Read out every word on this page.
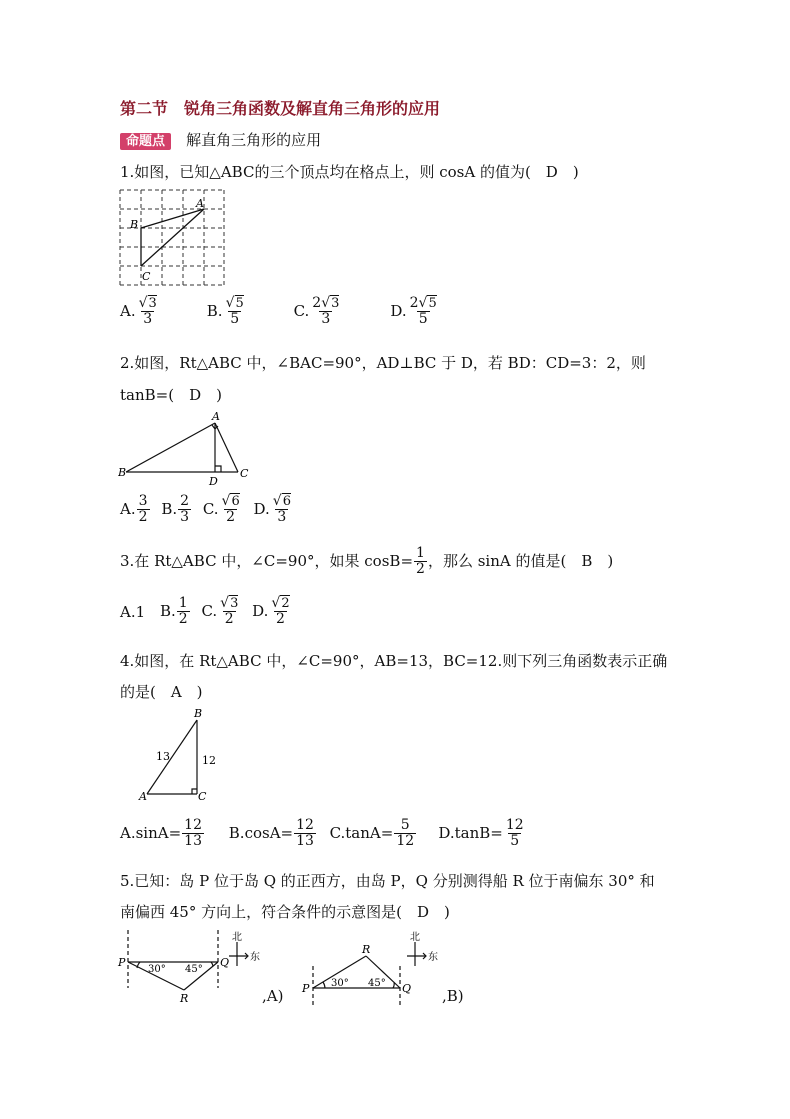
第二节　锐角三角函数及解直角三角形的应用
命题点 解直角三角形的应用
1.如图，已知△ABC的三个顶点均在格点上，则 cosA 的值为(　D　)
A
B
C
A. $\frac{√3}{3}$	B. $\frac{√5}{5}$	C. $\frac{2√3}{3}$	D. $\frac{2√5}{5}$
2.如图，Rt△ABC 中，∠BAC=90°，AD⊥BC 于 D，若 BD：CD=3：2，则
tanB=(　D　)
A
B	C
D
A. $\frac{3}{2} B$. $\frac{2}{3} C$. $\frac{√6}{2} D$. $\frac{√6}{3}$
3.在 Rt△ABC 中，∠C=90°，如果 $\cos B= \frac{1}{2}$ ，那么 sinA 的值是(　B　)
A.1 B. $\frac{1}{2} C$. $\frac{√3}{2} D$. $\frac{√2}{2}$
4.如图，在 Rt△ABC 中，∠C=90°，AB=13，BC=12.则下列三角函数表示正确
的是(　A　)
B
A	C
13	12
$A.\sin A= \frac{12}{13} B.\cos A= \frac{12}{13} C.\tan A= \frac{5}{12} D.\tan B= \frac{12}{5}$
5.已知：岛 P 位于岛 Q 的正西方，由岛 P，Q 分别测得船 R 位于南偏东 30° 和
南偏西 45° 方向上，符合条件的示意图是(　D　)
P	Q
R
30° 45°
北
东
,A) P	Q
R
30° 45°
北
东
,B)
